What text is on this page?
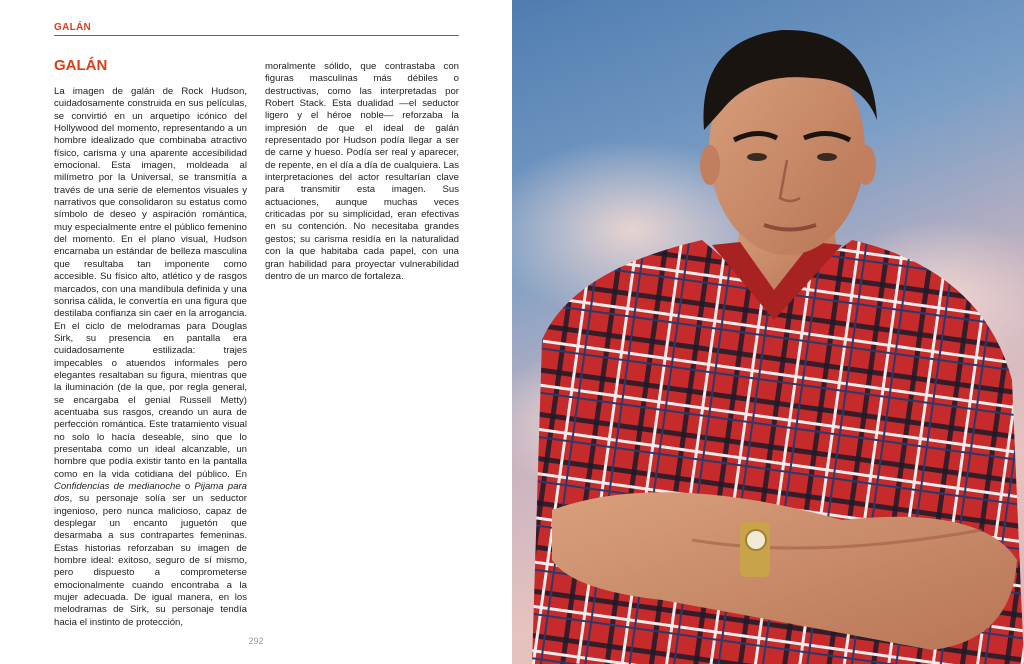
GALÁN
GALÁN

La imagen de galán de Rock Hudson, cuidadosamente construida en sus películas, se convirtió en un arquetipo icónico del Hollywood del momento, representando a un hombre idealizado que combinaba atractivo físico, carisma y una aparente accesibilidad emocional. Esta imagen, moldeada al milímetro por la Universal, se transmitía a través de una serie de elementos visuales y narrativos que consolidaron su estatus como símbolo de deseo y aspiración romántica, muy especialmente entre el público femenino del momento. En el plano visual, Hudson encarnaba un estándar de belleza masculina que resultaba tan imponente como accesible. Su físico alto, atlético y de rasgos marcados, con una mandíbula definida y una sonrisa cálida, le convertía en una figura que destilaba confianza sin caer en la arrogancia. En el ciclo de melodramas para Douglas Sirk, su presencia en pantalla era cuidadosamente estilizada: trajes impecables o atuendos informales pero elegantes resaltaban su figura, mientras que la iluminación (de la que, por regla general, se encargaba el genial Russell Metty) acentuaba sus rasgos, creando un aura de perfección romántica. Este tratamiento visual no solo lo hacía deseable, sino que lo presentaba como un ideal alcanzable, un hombre que podía existir tanto en la pantalla como en la vida cotidiana del público. En Confidencias de medianoche o Pijama para dos, su personaje solía ser un seductor ingenioso, pero nunca malicioso, capaz de desplegar un encanto juguetón que desarmaba a sus contrapartes femeninas. Estas historias reforzaban su imagen de hombre ideal: exitoso, seguro de sí mismo, pero dispuesto a comprometerse emocionalmente cuando encontraba a la mujer adecuada. De igual manera, en los melodramas de Sirk, su personaje tendía hacia el instinto de protección,

moralmente sólido, que contrastaba con figuras masculinas más débiles o destructivas, como las interpretadas por Robert Stack. Esta dualidad —el seductor ligero y el héroe noble— reforzaba la impresión de que el ideal de galán representado por Hudson podía llegar a ser de carne y hueso. Podía ser real y aparecer, de repente, en el día a día de cualquiera. Las interpretaciones del actor resultarían clave para transmitir esta imagen. Sus actuaciones, aunque muchas veces criticadas por su simplicidad, eran efectivas en su contención. No necesitaba grandes gestos; su carisma residía en la naturalidad con la que habitaba cada papel, con una gran habilidad para proyectar vulnerabilidad dentro de un marco de fortaleza.

292
